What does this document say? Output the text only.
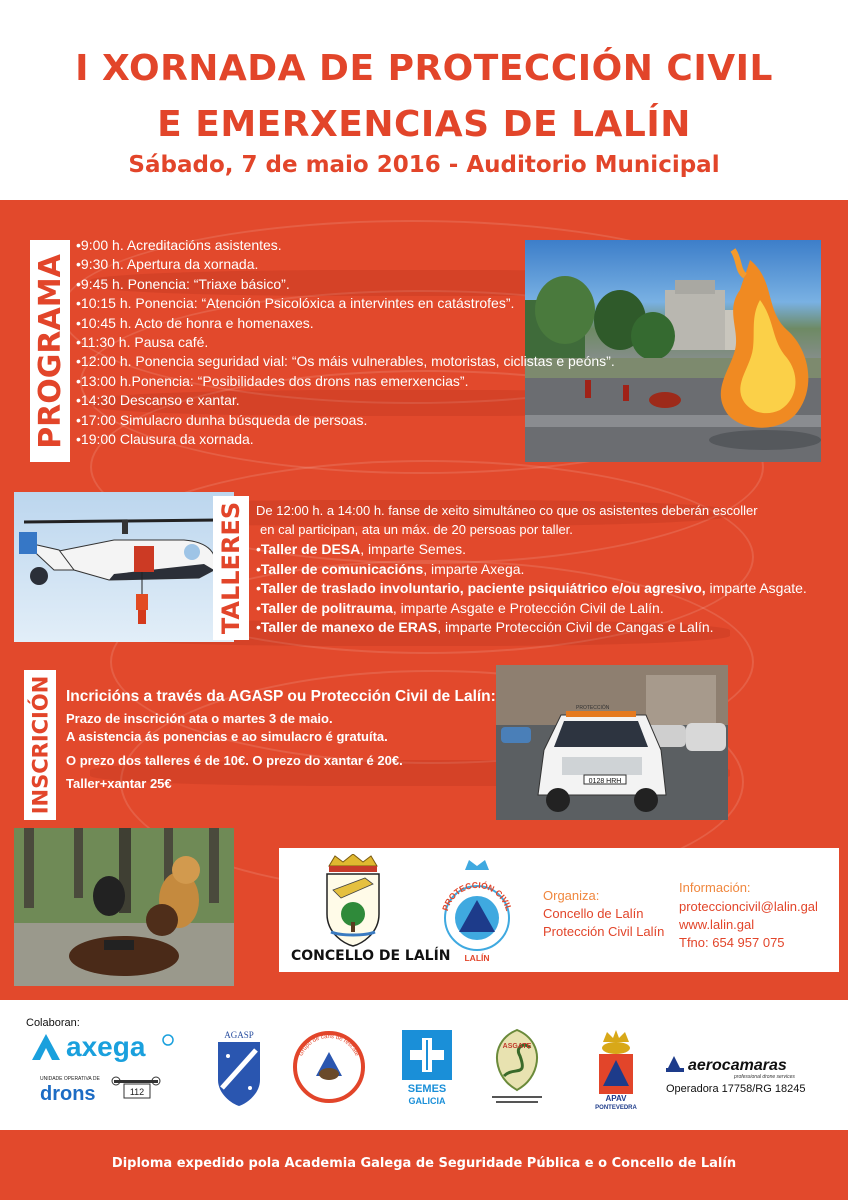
I XORNADA DE PROTECCIÓN CIVIL
E EMERXENCIAS DE LALÍN
Sábado, 7 de maio 2016 - Auditorio Municipal
PROGRAMA
• 9:00 h. Acreditacións asistentes.
• 9:30 h. Apertura da xornada.
• 9:45 h. Ponencia: “Triaxe básico”.
• 10:15 h. Ponencia: “Atención Psicolóxica a intervintes en catástrofes”.
• 10:45 h. Acto de honra e homenaxes.
• 11:30 h. Pausa café.
• 12:00 h. Ponencia seguridad vial: “Os máis vulnerables, motoristas, ciclistas e peóns”.
• 13:00 h.Ponencia: “Posibilidades dos drons nas emerxencias”.
• 14:30 Descanso e xantar.
• 17:00 Simulacro dunha búsqueda de persoas.
• 19:00 Clausura da xornada.
TALLERES De 12:00 h. a 14:00 h. fanse de xeito simultáneo co que os asistentes deberán escoller
en cal participan, ata un máx. de 20 persoas por taller.
• Taller de DESA, imparte Semes.
• Taller de comunicacións, imparte Axega.
• Taller de traslado involuntario, paciente psiquiátrico e/ou agresivo, imparte Asgate.
• Taller de politrauma, imparte Asgate e Protección Civil de Lalín.
• Taller de manexo de ERAS, imparte Protección Civil de Cangas e Lalín.
INSCRICIÓN Incricións a través da AGASP ou Protección Civil de Lalín:
Prazo de inscrición ata o martes 3 de maio.
A asistencia ás ponencias e ao simulacro é gratuíta.
O prezo dos talleres é de 10€. O prezo do xantar é 20€.
Taller+xantar 25€	0128 HRH
PROTECCIÓN
CONCELLO DE LALÍN
PROTECCIÓN CIVIL
LALÍN
Organiza:
Concello de Lalín
Protección Civil Lalín
Información:
proteccioncivil@lalin.gal
www.lalin.gal
Tfno: 654 957 075
Colaboran:
axega
UNIDADE OPERATIVA DE
drons	112
AGASP
Grupo de cans de rescate
SEMES
GALICIA
ASGATE
APAV
PONTEVEDRA
aerocamaras
professional drone services
Operadora 17758/RG 18245
Diploma expedido pola Academia Galega de Seguridade Pública e o Concello de Lalín
